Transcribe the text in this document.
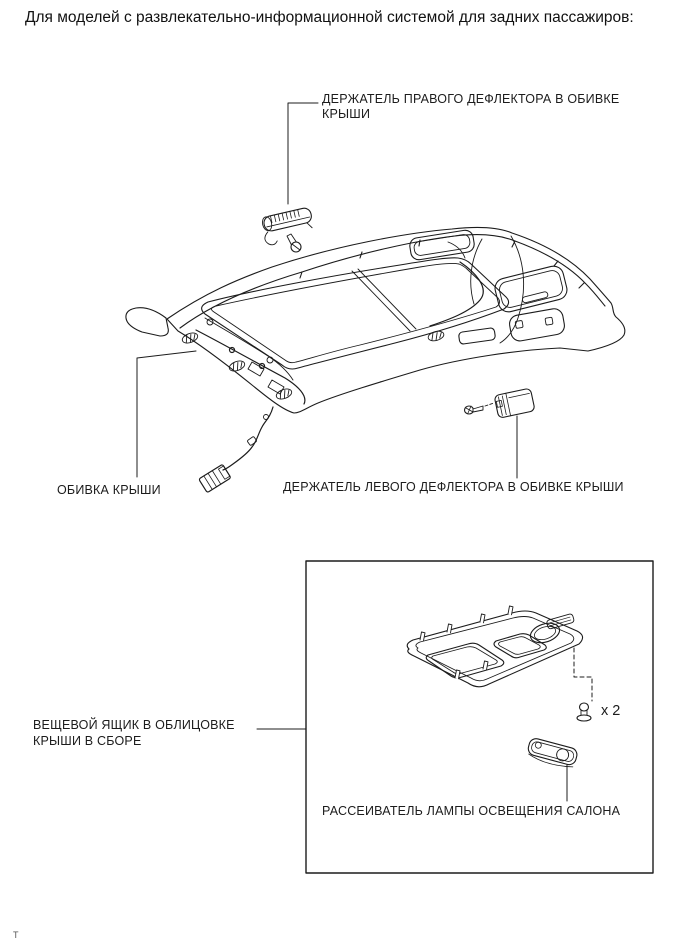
Для моделей с развлекательно-информационной системой для задних пассажиров:
ДЕРЖАТЕЛЬ ПРАВОГО ДЕФЛЕКТОРА В ОБИВКЕ КРЫШИ
ОБИВКА КРЫШИ	ДЕРЖАТЕЛЬ ЛЕВОГО ДЕФЛЕКТОРА В ОБИВКЕ КРЫШИ
ВЕЩЕВОЙ ЯЩИК В ОБЛИЦОВКЕ КРЫШИ В СБОРЕ
РАССЕИВАТЕЛЬ ЛАМПЫ ОСВЕЩЕНИЯ САЛОНА
x 2
T
